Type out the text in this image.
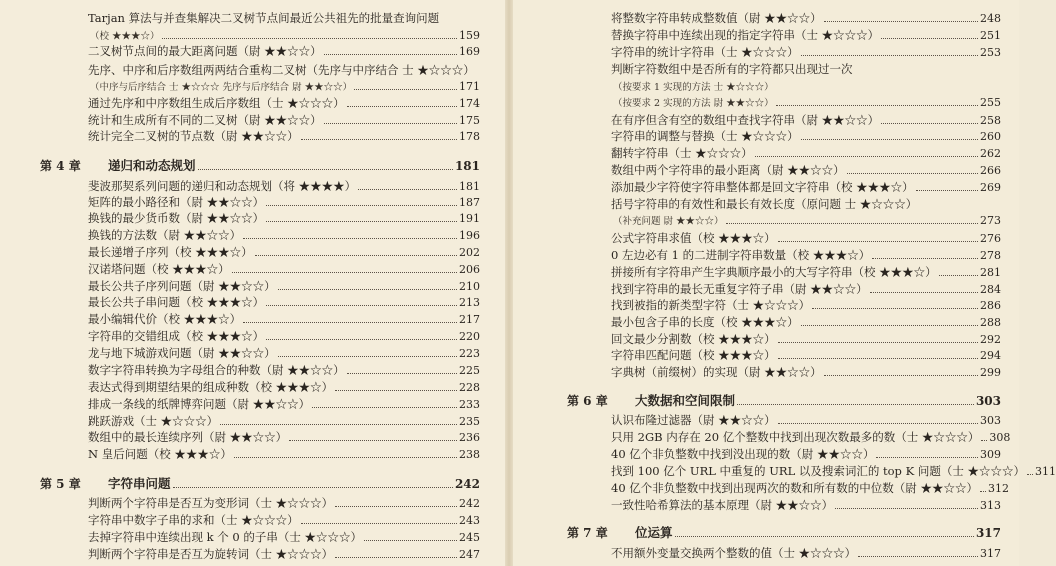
Tarjan 算法与并查集解决二叉树节点间最近公共祖先的批量查询问题
（校 ★★★☆）	159
二叉树节点间的最大距离问题（尉 ★★☆☆）	169
先序、中序和后序数组两两结合重构二叉树（先序与中序结合 士 ★☆☆☆）
（中序与后序结合 士 ★☆☆☆ 先序与后序结合 尉 ★★☆☆）	171
通过先序和中序数组生成后序数组（士 ★☆☆☆）	174
统计和生成所有不同的二叉树（尉 ★★☆☆）	175
统计完全二叉树的节点数（尉 ★★☆☆）	178
第 4 章	递归和动态规划	181
斐波那契系列问题的递归和动态规划（将 ★★★★）	181
矩阵的最小路径和（尉 ★★☆☆）	187
换钱的最少货币数（尉 ★★☆☆）	191
换钱的方法数（尉 ★★☆☆）	196
最长递增子序列（校 ★★★☆）	202
汉诺塔问题（校 ★★★☆）	206
最长公共子序列问题（尉 ★★☆☆）	210
最长公共子串问题（校 ★★★☆）	213
最小编辑代价（校 ★★★☆）	217
字符串的交错组成（校 ★★★☆）	220
龙与地下城游戏问题（尉 ★★☆☆）	223
数字字符串转换为字母组合的种数（尉 ★★☆☆）	225
表达式得到期望结果的组成种数（校 ★★★☆）	228
排成一条线的纸牌博弈问题（尉 ★★☆☆）	233
跳跃游戏（士 ★☆☆☆）	235
数组中的最长连续序列（尉 ★★☆☆）	236
N 皇后问题（校 ★★★☆）	238
第 5 章	字符串问题	242
判断两个字符串是否互为变形词（士 ★☆☆☆）	242
字符串中数字子串的求和（士 ★☆☆☆）	243
去掉字符串中连续出现 k 个 0 的子串（士 ★☆☆☆）	245
判断两个字符串是否互为旋转词（士 ★☆☆☆）	247
将整数字符串转成整数值（尉 ★★☆☆）	248
替换字符串中连续出现的指定字符串（士 ★☆☆☆）	251
字符串的统计字符串（士 ★☆☆☆）	253
判断字符数组中是否所有的字符都只出现过一次
（按要求 1 实现的方法 士 ★☆☆☆）
（按要求 2 实现的方法 尉 ★★☆☆）	255
在有序但含有空的数组中查找字符串（尉 ★★☆☆）	258
字符串的调整与替换（士 ★☆☆☆）	260
翻转字符串（士 ★☆☆☆）	262
数组中两个字符串的最小距离（尉 ★★☆☆）	266
添加最少字符使字符串整体都是回文字符串（校 ★★★☆）	269
括号字符串的有效性和最长有效长度（原问题 士 ★☆☆☆）
（补充问题 尉 ★★☆☆）	273
公式字符串求值（校 ★★★☆）	276
0 左边必有 1 的二进制字符串数量（校 ★★★☆）	278
拼接所有字符串产生字典顺序最小的大写字符串（校 ★★★☆）	281
找到字符串的最长无重复字符子串（尉 ★★☆☆）	284
找到被指的新类型字符（士 ★☆☆☆）	286
最小包含子串的长度（校 ★★★☆）	288
回文最少分割数（校 ★★★☆）	292
字符串匹配问题（校 ★★★☆）	294
字典树（前缀树）的实现（尉 ★★☆☆）	299
第 6 章	大数据和空间限制	303
认识布隆过滤器（尉 ★★☆☆）	303
只用 2GB 内存在 20 亿个整数中找到出现次数最多的数（士 ★☆☆☆） 308
40 亿个非负整数中找到没出现的数（尉 ★★☆☆）	309
找到 100 亿个 URL 中重复的 URL 以及搜索词汇的 top K 问题（士 ★☆☆☆） 311
40 亿个非负整数中找到出现两次的数和所有数的中位数（尉 ★★☆☆） 312
一致性哈希算法的基本原理（尉 ★★☆☆）	313
第 7 章	位运算	317
不用额外变量交换两个整数的值（士 ★☆☆☆）	317
